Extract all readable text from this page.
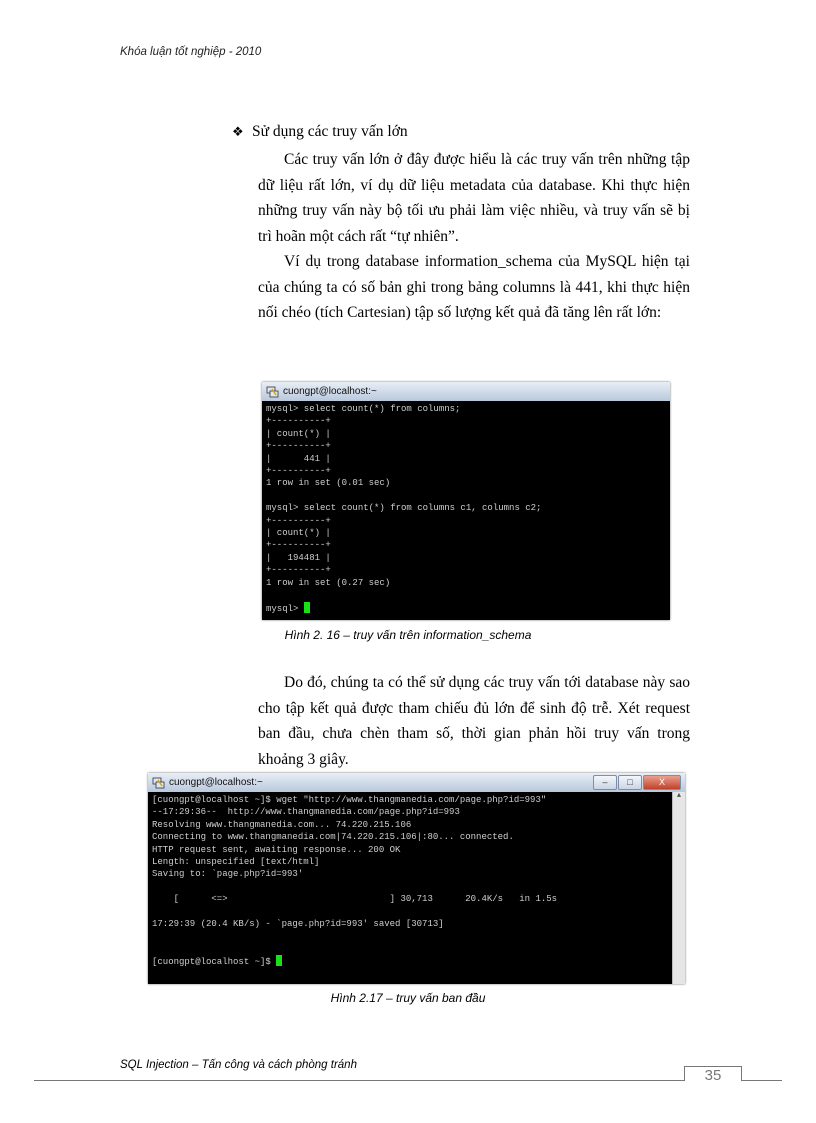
Khóa luận tốt nghiệp - 2010
❖ Sử dụng các truy vấn lớn
Các truy vấn lớn ở đây được hiểu là các truy vấn trên những tập dữ liệu rất lớn, ví dụ dữ liệu metadata của database. Khi thực hiện những truy vấn này bộ tối ưu phải làm việc nhiều, và truy vấn sẽ bị trì hoãn một cách rất “tự nhiên”.
Ví dụ trong database information_schema của MySQL hiện tại của chúng ta có số bản ghi trong bảng columns là 441, khi thực hiện nối chéo (tích Cartesian) tập số lượng kết quả đã tăng lên rất lớn:
cuongpt@localhost:~
mysql> select count(*) from columns;
+----------+
| count(*) |
+----------+
|      441 |
+----------+
1 row in set (0.01 sec)

mysql> select count(*) from columns c1, columns c2;
+----------+
| count(*) |
+----------+
|   194481 |
+----------+
1 row in set (0.27 sec)

mysql>
Hình 2. 16 – truy vấn trên information_schema
Do đó, chúng ta có thể sử dụng các truy vấn tới database này sao cho tập kết quả được tham chiếu đủ lớn để sinh độ trễ. Xét request ban đầu, chưa chèn tham số, thời gian phản hồi truy vấn trong khoảng 3 giây.
cuongpt@localhost:~	–	□	X
[cuongpt@localhost ~]$ wget "http://www.thangmanedia.com/page.php?id=993"
--17:29:36--  http://www.thangmanedia.com/page.php?id=993
Resolving www.thangmanedia.com... 74.220.215.106
Connecting to www.thangmanedia.com|74.220.215.106|:80... connected.
HTTP request sent, awaiting response... 200 OK
Length: unspecified [text/html]
Saving to: `page.php?id=993'

[      <=>                              ] 30,713      20.4K/s   in 1.5s

17:29:39 (20.4 KB/s) - `page.php?id=993' saved [30713]

[cuongpt@localhost ~]$
▲
Hình 2.17 – truy vấn ban đầu
SQL Injection – Tấn công và cách phòng tránh
35
